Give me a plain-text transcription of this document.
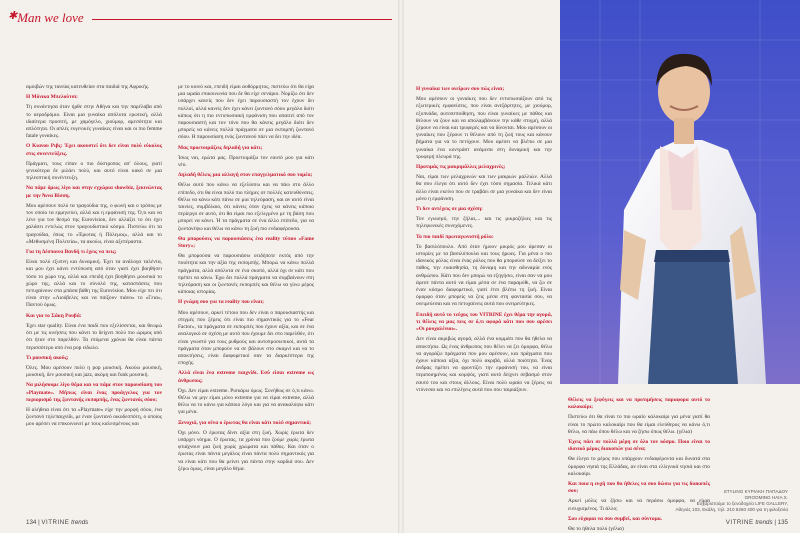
✱Man we love

αμοιβών της ταινίας κατευθείαν στα παιδιά της Αφρικής.

Η Μόνικα Μπελούτσι:

Τη συνάντησα όταν ήρθε στην Αθήνα και την παρέλαβα από το αεροδρόμιο. Είναι μια γυναίκα απόλυτα ερωτική, αλλά ιδιαίτερα προσιτή, με χαμόγελο, χιούμορ, αμεσότητα και απλότητα. Οι απλές ευγενικές γυναίκες είναι και οι πιο femme fatale γυναίκες.

Ο Κιανου Ριβς: Έχει ακουστεί ότι δεν είναι πολύ εύκολος στις συνεντεύξεις.

Πράγματι, τους είπαν ο πιο δύστροπος απ' όλους, γιατί γενικότερα δε μιλάει πολύ, και αυτό είναι κακό σε μια τηλεοπτική συνέντευξη.

Να πάμε όμως λίγο και στην εγχώρια showbiz, ξεκινώντας με την Άννα Βίσση.

Μου αρέσουν πολύ τα τραγούδια της, ο φωνή και ο τρόπος με τον οποίο τα ερμηνεύει, αλλά και η εμφάνισή της. Ό,τι και να λένε για τον θεσμό της Eurovision, δεν αλλάζει το ότι έχει χαλάσει εντελώς στον τραγουδιστικό κόσμο. Πιστεύω ότι τα τραγούδια, όπως το «Έρωτας ή Πόλεμος», αλλά και το «Μεθυσμένη Πολιτεία», τα ακούω, είναι αξεπέραστα.

Για τη Δέσποινα Βανδή τι έχεις να πεις;

Είναι πολύ εξυπνη και δυναμική. Έχει τα ανάλογα ταλέντα, και μου έχει κάνει εντύπωση από όταν γιατί έχει βοηθήσει τόσο το χώρο της, αλλά και επειδή έχει βοηθήσει μουσικά το χώρο της, αλλά και το σύνολό της, καταστάσεις που πετυχαίνουν στα μπάσα βάθη της Eurovision. Μου είχε πει ότι είναι στην «Λιούβελες και να παίξουν πιάνο» το «Γεια», Παντού όμως.

Και για το Σάκη Ρουβά:

Έχει star quality. Είναι ένα παιδί που εξελίσσεται, και θεωρώ ότι με τις κινήσεις που κάνει το δείχνει πολύ πιο ώριμος από ότι ήταν στο παρελθόν. Τα επόμενα χρόνια θα είναι πάντα περισσότερο από ένα pop είδωλο.

Τι μουσική ακούς;

Όλες. Μου αρέσουν πολύ η pop μουσική. Ακούω μουσική, μουσική, δεν μουσική και jazz, ακόμη και funk μουσική.

Να μιλήσουμε λίγο θέμα και να πάμε στον παρουσίαση του «Playmate». Μήπως είναι ένας προάγγελος για τον περιορισμό της ζωντανής εκπομπής, ένας ζωντανός σόου;

Η αλήθεια είναι ότι τα «Playmate» είχε την μορφή σόου, ένα ζωντανό τηλεπαιχνίδι, με έναν ζωντανό οικοδεσπότη, ο οποίος μου αρέσει να επικοινωνεί με τους καλεσμένους και

με το κοινό και, επειδή είμαι αυθόρμητος, πιστεύω ότι θα είχα μια ωραία επικοινωνία που δε θα είχε σενάριο. Νομίζω ότι δεν υπάρχει κανείς που δεν έχει παρουσιαστή τον έχουν δει πολλοί, αλλά κανείς δεν έχει κάνει ζωντανό σόου μεγάλο διότι κάπως ότι η πιο εντυπωσιακή εμφάνιση που απαιτεί από τον παρουσιαστή και τον τόνο που θα κάνεις μεγάλο διότι δεν μπορείς να κάνεις πολλά πράγματα σε μια εκπομπή ζωντανό σόου. Η παρουσίαση ενός ζωντανού πάει να δει την ιδέα.

Μας προετοιμάζεις δηλαδή για κάτι;

Ίσως ναι, ερώτα μας. Προετοιμάζω τον εαυτό μου για κάτι νέο.

Δηλαδή θέλεις μια αλλαγή στον επαγγελματικό σου τομέα;

Θέλω αυτό που κάνω να εξελίσσω και να πάω στο άλλο επίπεδο, ότι θα είναι πολύ πιο πλήρες σε πολλές κατευθύνσεις. Θέλω να κάνω κάτι πάνω σε μια τηλεόραση, και αν αυτό είναι ταινίες, συμβόλαιο, ότι κάνεις όταν έχεις να κάνεις κάποιο περίεργο σε αυτό, ότι θα είμαι πιο εξελιγμένο με τη βάση που μπορεί να κάνει. Ή τα πράγματα σε ένα άλλο επίπεδο, για να ζωντανέψω και θέλω να κάνω τη ζωή πιο ενδιαφέρουσα.

Θα μπορούσες να παρουσιάσεις ένα reality τύπου «Fame Story»;

Θα μπορούσα να παρουσιάσω οτιδήποτε εκτός από την ποιότητα και την αξία της εκπομπής. Μπορώ να κάνω πολλά πράγματα, αλλά απόλυτα σε ένα σκοπό, αλλά όχι σε κάτι που πρέπει να κάνω. Έχω δει πολλά πράγματα να συμβαίνουν στη τηλεόραση και οι ζωντανές εκπομπές και θέλω να γίνω μέρος κάποιας ιστορίας.

Η γνώμη σου για τα reality που είναι;

Μου αρέσουν, αρκεί τέτοιο που δεν είναι ο παρουσιαστής και στιγμές που ξέρεις ότι είναι πιο σημαντικός για το «Fear Factor», τα πράγματα σε εκπομπές που έχουν αξία, και σε ένα αναλογικό σε σχέση με αυτό που έχουμε δει στο παρελθόν, ότι είναι γνωστό για τους ρυθμούς και αυτοπροσωπικοί, αυτά τα πράγματα όταν μπορούν να σε βάλουν στο σκαμνί και να το αποκτήσεις, είναι διαφορετικό σαν τα διαρκέστερα της εποχής.

Αλλά είναι ένα extreme παιχνίδι. Εσύ είσαι extreme ως άνθρωπος;

Όχι. Δεν είμαι extreme. Ρισκάρω όμως. Συνήθως σε ό,τι κάνω. Θέλω να μην είμαι μόνο extreme για να είμαι extreme, αλλά θέλω να το κάνω για κάποιο λόγο και για να ανακαλύψω κάτι για μένα.

Ξενυχιά, για σένα ο έρωτας θα είναι κάτι πολύ σημαντικό;

Όχι μόνο. Ο έρωτας δίνει αξία στη ζωή. Χωρίς έρωτα δεν υπάρχει νόημα. Ο έρωτας, τα χρόνια που ζούμε χωρίς έρωτα φτιάχνουν μια ζωή χωρίς χρώματα και πάθος. Και όταν ο έρωτας είναι πάντα μεγάλος είναι πάντα πολύ σημαντικός για να είναι κάτι που θα μείνει για πάντα στην καρδιά σου. Δεν ξέρω όμως, είναι μεγάλο θέμα.

Η γυναίκα των ονείρων σου πώς είναι;

Μου αρέσουν οι γυναίκες που δεν εντυπωσιάζουν από τις εξωτερικές εμφανίσεις, που είναι ανεξάρτητες, με χιούμορ, εξυπνάδα, αυτοπεποίθηση, που είναι γυναίκες με πάθος και θέλουν να ζουν και να απολαμβάνουν την κάθε στιγμή, αλλά ξέρουν να είναι και τρυφερές και να δίνονται. Μου αρέσουν οι γυναίκες που ξέρουν τι θέλουν από τη ζωή τους και κάνουν βήματα για να το πετύχουν. Μου αρέσει να βλέπω σε μια γυναίκα ένα κοντράστ ανάμεσα στη δυναμική και την τρυφερή πλευρά της.

Προτιμάς τις μακριμάλλες μελαχρινές;

Ναι, είμαι των μελαχρινών και των μακριών μαλλιών. Αλλά θα σου έλεγα ότι αυτό δεν έχει τόσο σημασία. Τελικά κάτι άλλο είναι εκείνο που σε τραβάει σε μια γυναίκα και δεν είναι μόνο η εμφάνιση.

Τι δεν αντέχεις σε μια σχέση:

Τον εγωισμό, την ζήλια,... και τις μικροζήλιες και τις τηλεφωνικές συνεχόμενες.

Το πιο παιδί πρωταγωνιστή ρόλο:

Το βασιλόπουλο. Από όταν ήμουν μικρός μου άρεσαν οι ιστορίες με τα βασιλόπουλα και τους ήρωες. Για μένα ο πιο ιδανικός ρόλος είναι ένας ρόλος που θα μπορούσε να δείξει το πάθος, την ευαισθησία, τη δύναμη και την αδυναμία ενός ανθρώπου. Κάτι που δεν μπορώ να εξηγήσω, είναι σαν να μου άρεσε πάντα αυτό να είμαι μέσα σε ένα παραμύθι, να ζω σε έναν κόσμο διαφορετικό, γιατί έτσι βλέπω τη ζωή. Είναι όμορφο όταν μπορείς να ζεις μέσα στη φαντασία σου, να ονειρεύεσαι και να πετυχαίνεις αυτά που ονειρεύτηκες.

Επειδή αυτό το τεύχος του VITRINE έχει θέμα την αγορά, τι θέλεις να μας πεις σε ό,τι αφορά κάτι που σου αρέσει «Οι ρουχαλένιοι».

Δεν είναι ακριβώς αγορά, αλλά ένα κομμάτι που θα ήθελα να αποκτήσω. Ως ένας άνθρωπος που θέλει να ζει όμορφα, θέλω να αγοράζω πράγματα που μου αρέσουν, και πράγματα που έχουν κάποια αξία, όχι πολύ ακριβά, αλλά ποιότητα. Ένας άνδρας πρέπει να φροντίζει την εμφάνισή του, να είναι περιποιημένος και κομψός, γιατί αυτό δείχνει σεβασμό στον εαυτό του και στους άλλους. Είναι πολύ ωραίο να ξέρεις να ντύνεσαι και να επιλέγεις αυτά που σου ταιριάζουν.

Θέλεις να ξεφύγεις και να προτιμήσεις παραφορα αυτό το καλοκαίρι;

Πιστεύω ότι θα είναι το πιο ωραίο καλοκαίρι για μένα γιατί θα είναι το πρώτο καλοκαίρι που θα είμαι ελεύθερος να κάνω ό,τι θέλω, να πάω όπου θέλω και να ζήσω όπως θέλω. (γέλια)

Έχεις πάει σε πολλά μέρη σε όλο τον κόσμο. Ποιο είναι το ιδανικό μέρος διακοπών για σένα;

Θα έλεγα το μέρος που υπάρχουν ενδιαφέροντα και δυνατά στα όμορφα νησιά της Ελλάδας, αν είναι στα ελληνικά νησιά και στο καλοκαίρι.

Και ποια η ευχή που θα ήθελες να σου δώσω για τις διακοπές σου;

Αρκεί μόλις να ζήσω και να περάσω όμορφα, να είμαι ευτυχισμένος. Τι άλλο;

Σου εύχομαι να σου συμβεί, και σύντομα.

Θα το ήθελα πολύ (γέλια)

STYLING ΚΥΡΙΑΚΗ ΠΑΠΑΔΟΥ
GROOMING ΗΛΙΑ Χ.
Ευχαριστούμε το ξενοδοχείο LIFE GALLERY,
Αθηνάς 103, Εκάλη, τηλ. 210 6260 400 για τη φιλοξενία
134 | VITRINE trends	VITRINE trends | 135
